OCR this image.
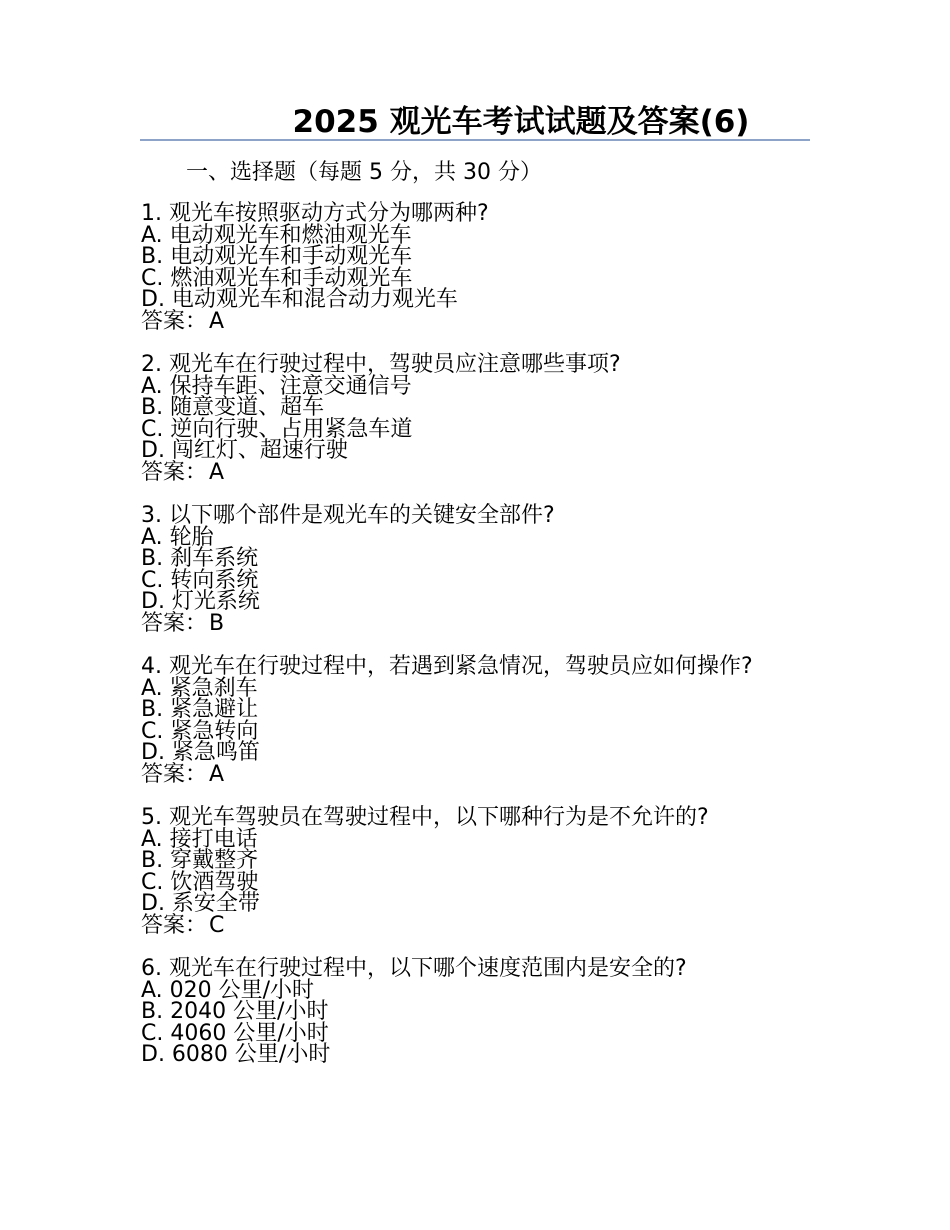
2025 观光车考试试题及答案(6)

一、选择题（每题 5 分，共 30 分）

1. 观光车按照驱动方式分为哪两种?

A. 电动观光车和燃油观光车

B. 电动观光车和手动观光车

C. 燃油观光车和手动观光车

D. 电动观光车和混合动力观光车

答案：A

2. 观光车在行驶过程中，驾驶员应注意哪些事项?

A. 保持车距、注意交通信号

B. 随意变道、超车

C. 逆向行驶、占用紧急车道

D. 闯红灯、超速行驶

答案：A

3. 以下哪个部件是观光车的关键安全部件?

A. 轮胎

B. 刹车系统

C. 转向系统

D. 灯光系统

答案：B

4. 观光车在行驶过程中，若遇到紧急情况，驾驶员应如何操作?

A. 紧急刹车

B. 紧急避让

C. 紧急转向

D. 紧急鸣笛

答案：A

5. 观光车驾驶员在驾驶过程中，以下哪种行为是不允许的?

A. 接打电话

B. 穿戴整齐

C. 饮酒驾驶

D. 系安全带

答案：C

6. 观光车在行驶过程中，以下哪个速度范围内是安全的?

A. 020 公里/小时

B. 2040 公里/小时

C. 4060 公里/小时

D. 6080 公里/小时
